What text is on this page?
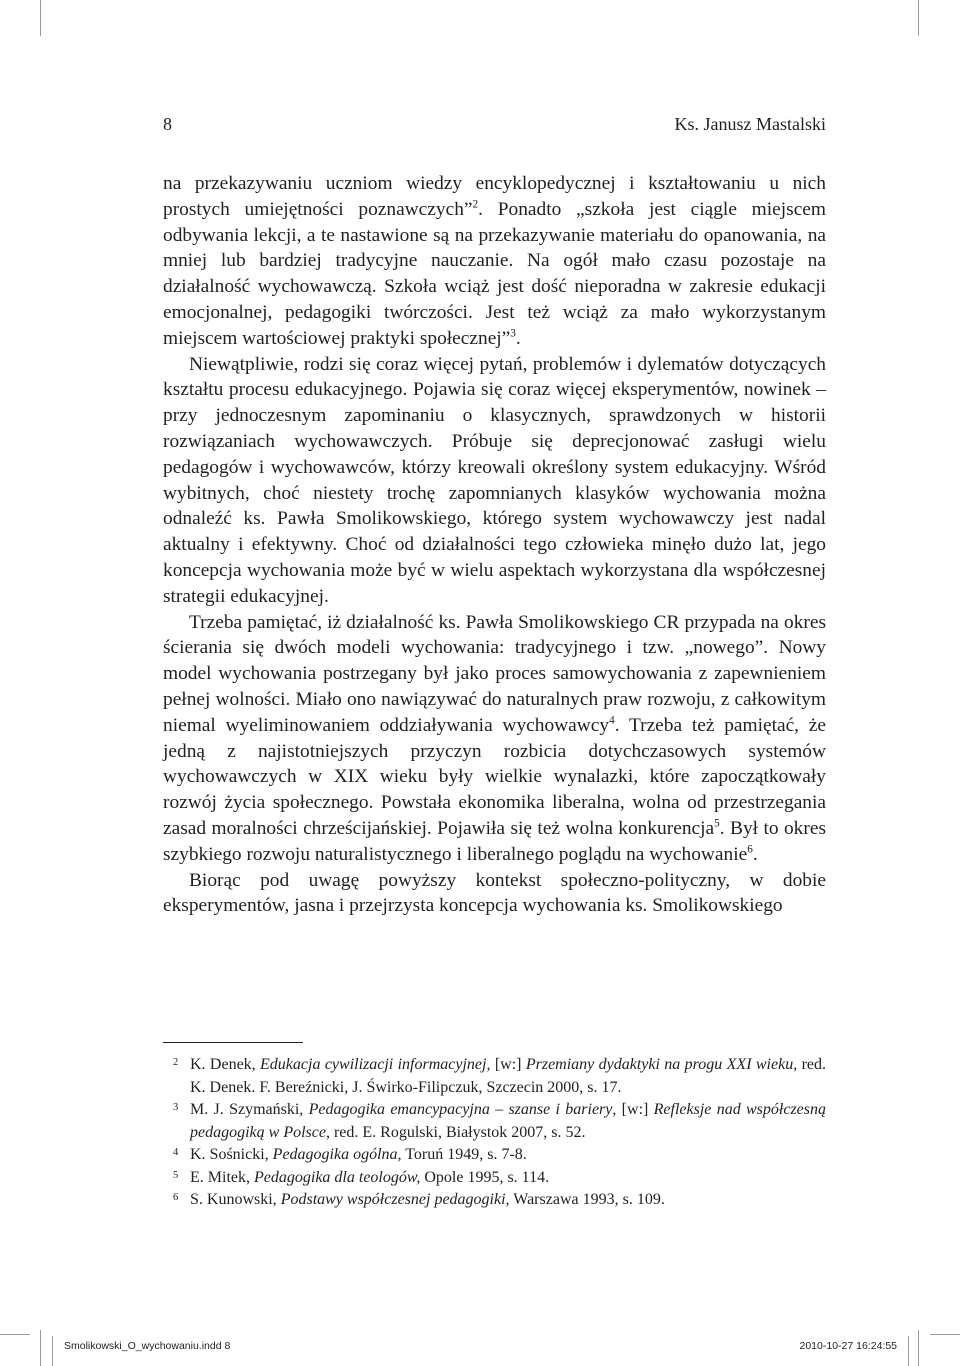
8	Ks. Janusz Mastalski

na przekazywaniu uczniom wiedzy encyklopedycznej i kształtowaniu u nich prostych umiejętności poznawczych”$^2$. Ponadto „szkoła jest ciągle miejscem odbywania lekcji, a te nastawione są na przekazywanie materiału do opanowania, na mniej lub bardziej tradycyjne nauczanie. Na ogół mało czasu pozostaje na działalność wychowawczą. Szkoła wciąż jest dość nieporadna w zakresie edukacji emocjonalnej, pedagogiki twórczości. Jest też wciąż za mało wykorzystanym miejscem wartościowej praktyki społecznej”$^3$.

Niewątpliwie, rodzi się coraz więcej pytań, problemów i dylematów dotyczących kształtu procesu edukacyjnego. Pojawia się coraz więcej eksperymentów, nowinek – przy jednoczesnym zapominaniu o klasycznych, sprawdzonych w historii rozwiązaniach wychowawczych. Próbuje się deprecjonować zasługi wielu pedagogów i wychowawców, którzy kreowali określony system edukacyjny. Wśród wybitnych, choć niestety trochę zapomnianych klasyków wychowania można odnaleźć ks. Pawła Smolikowskiego, którego system wychowawczy jest nadal aktualny i efektywny. Choć od działalności tego człowieka minęło dużo lat, jego koncepcja wychowania może być w wielu aspektach wykorzystana dla współczesnej strategii edukacyjnej.

Trzeba pamiętać, iż działalność ks. Pawła Smolikowskiego CR przypada na okres ścierania się dwóch modeli wychowania: tradycyjnego i tzw. „nowego”. Nowy model wychowania postrzegany był jako proces samowychowania z zapewnieniem pełnej wolności. Miało ono nawiązywać do naturalnych praw rozwoju, z całkowitym niemal wyeliminowaniem oddziaływania wychowawcy$^4$. Trzeba też pamiętać, że jedną z najistotniejszych przyczyn rozbicia dotychczasowych systemów wychowawczych w XIX wieku były wielkie wynalazki, które zapoczątkowały rozwój życia społecznego. Powstała ekonomika liberalna, wolna od przestrzegania zasad moralności chrześcijańskiej. Pojawiła się też wolna konkurencja$^5$. Był to okres szybkiego rozwoju naturalistycznego i liberalnego poglądu na wychowanie$^6$.

Biorąc pod uwagę powyższy kontekst społeczno-polityczny, w dobie eksperymentów, jasna i przejrzysta koncepcja wychowania ks. Smolikowskiego

2 K. Denek, Edukacja cywilizacji informacyjnej, [w:] Przemiany dydaktyki na progu XXI wieku, red. K. Denek. F. Bereźnicki, J. Świrko-Filipczuk, Szczecin 2000, s. 17.
3 M. J. Szymański, Pedagogika emancypacyjna – szanse i bariery, [w:] Refleksje nad współczesną pedagogiką w Polsce, red. E. Rogulski, Białystok 2007, s. 52.
4 K. Sośnicki, Pedagogika ogólna, Toruń 1949, s. 7-8.
5 E. Mitek, Pedagogika dla teologów, Opole 1995, s. 114.
6 S. Kunowski, Podstawy współczesnej pedagogiki, Warszawa 1993, s. 109.
Smolikowski_O_wychowaniu.indd 8	2010-10-27 16:24:55
